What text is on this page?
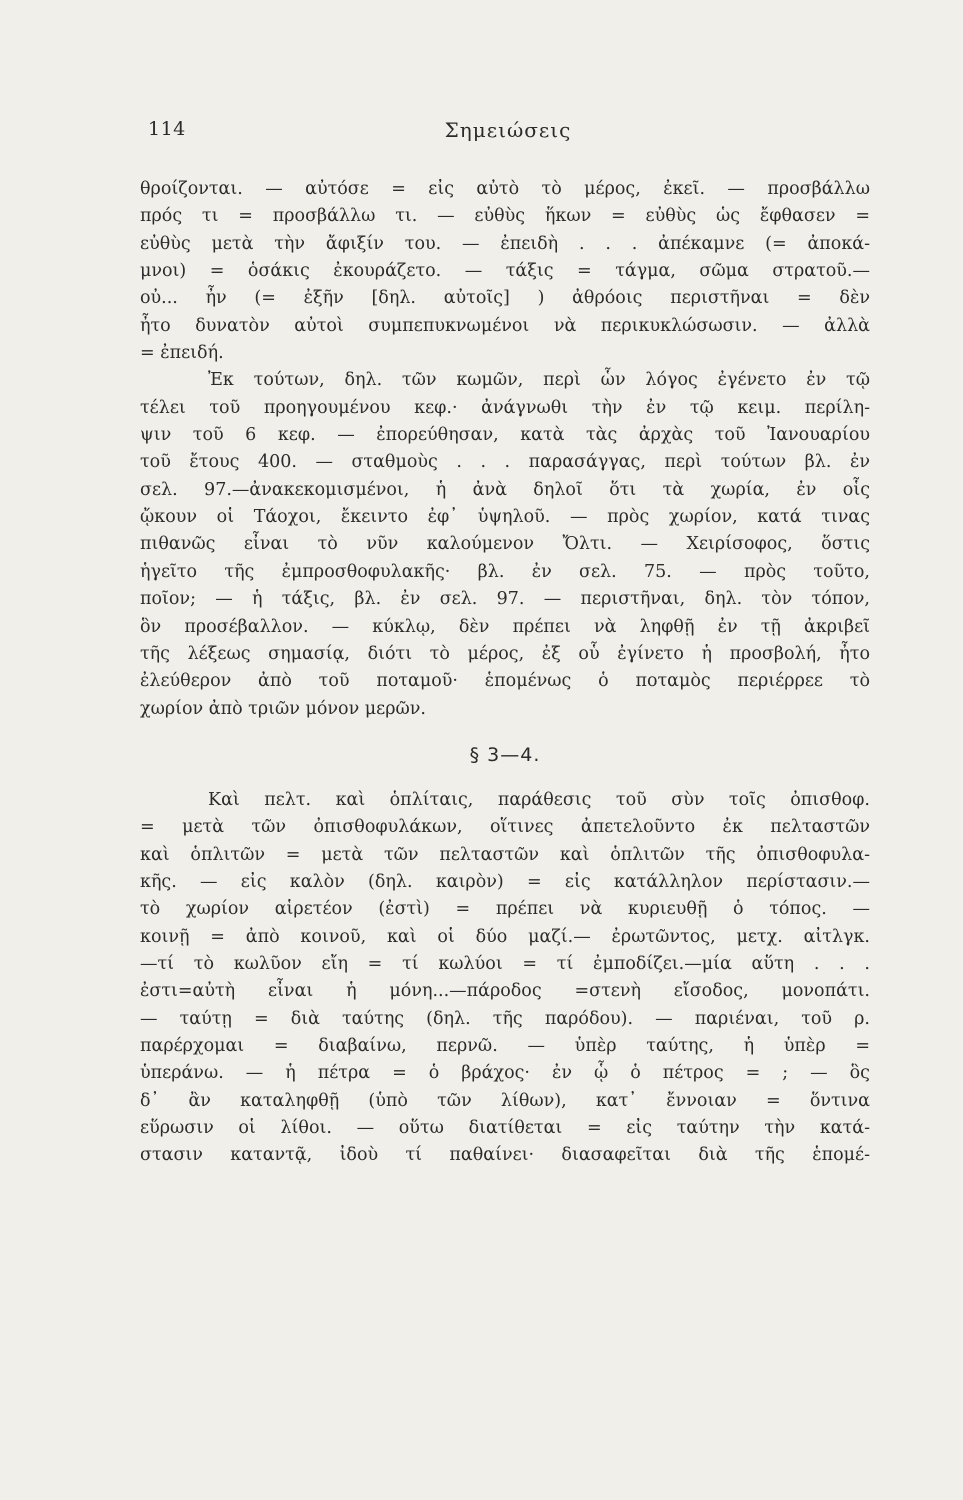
114	Σημειώσεις
θροίζονται. — αὐτόσε = εἰς αὐτὸ τὸ μέρος, ἐκεῖ. — προσβάλλω
πρός τι = προσβάλλω τι. — εὐθὺς ἥκων = εὐθὺς ὡς ἔφθασεν =
εὐθὺς μετὰ τὴν ἄφιξίν του. — ἐπειδὴ . . . ἀπέκαμνε (= ἀποκά-
μνοι) = ὁσάκις ἐκουράζετο. — τάξις = τάγμα, σῶμα στρατοῦ.—
οὐ... ἦν (= ἐξῆν [δηλ. αὐτοῖς] ) ἀθρόοις περιστῆναι = δὲν
ἦτο δυνατὸν αὐτοὶ συμπεπυκνωμένοι νὰ περικυκλώσωσιν. — ἀλλὰ
= ἐπειδή.
Ἐκ τούτων, δηλ. τῶν κωμῶν, περὶ ὧν λόγος ἐγένετο ἐν τῷ
τέλει τοῦ προηγουμένου κεφ.· ἀνάγνωθι τὴν ἐν τῷ κειμ. περίλη-
ψιν τοῦ 6 κεφ. — ἐπορεύθησαν, κατὰ τὰς ἀρχὰς τοῦ Ἰανουαρίου
τοῦ ἔτους 400. — σταθμοὺς . . . παρασάγγας, περὶ τούτων βλ. ἐν
σελ. 97.—ἀνακεκομισμένοι, ἡ ἀνὰ δηλοῖ ὅτι τὰ χωρία, ἐν οἷς
ᾤκουν οἱ Τάοχοι, ἔκειντο ἐφ᾽ ὑψηλοῦ. — πρὸς χωρίον, κατά τινας
πιθανῶς εἶναι τὸ νῦν καλούμενον Ὄλτι. — Χειρίσοφος, ὅστις
ἡγεῖτο τῆς ἐμπροσθοφυλακῆς· βλ. ἐν σελ. 75. — πρὸς τοῦτο,
ποῖον; — ἡ τάξις, βλ. ἐν σελ. 97. — περιστῆναι, δηλ. τὸν τόπον,
ὃν προσέβαλλον. — κύκλῳ, δὲν πρέπει νὰ ληφθῇ ἐν τῇ ἀκριβεῖ
τῆς λέξεως σημασίᾳ, διότι τὸ μέρος, ἐξ οὗ ἐγίνετο ἡ προσβολή, ἦτο
ἐλεύθερον ἀπὸ τοῦ ποταμοῦ· ἑπομένως ὁ ποταμὸς περιέρρεε τὸ
χωρίον ἀπὸ τριῶν μόνον μερῶν.
§ 3—4.
Καὶ πελτ. καὶ ὁπλίταις, παράθεσις τοῦ σὺν τοῖς ὀπισθοφ.
= μετὰ τῶν ὀπισθοφυλάκων, οἵτινες ἀπετελοῦντο ἐκ πελταστῶν
καὶ ὁπλιτῶν = μετὰ τῶν πελταστῶν καὶ ὁπλιτῶν τῆς ὀπισθοφυλα-
κῆς. — εἰς καλὸν (δηλ. καιρὸν) = εἰς κατάλληλον περίστασιν.—
τὸ χωρίον αἱρετέον (ἐστὶ) = πρέπει νὰ κυριευθῇ ὁ τόπος. —
κοινῇ = ἀπὸ κοινοῦ, καὶ οἱ δύο μαζί.— ἐρωτῶντος, μετχ. αἰτλγκ.
—τί τὸ κωλῦον εἴη = τί κωλύοι = τί ἐμποδίζει.—μία αὕτη . . .
ἐστι=αὐτὴ εἶναι ἡ μόνη...—πάροδος =στενὴ εἴσοδος, μονοπάτι.
— ταύτῃ = διὰ ταύτης (δηλ. τῆς παρόδου). — παριέναι, τοῦ ρ.
παρέρχομαι = διαβαίνω, περνῶ. — ὑπὲρ ταύτης, ἡ ὑπὲρ =
ὑπεράνω. — ἡ πέτρα = ὁ βράχος· ἐν ᾧ ὁ πέτρος = ; — ὃς
δ᾽ ἂν καταληφθῇ (ὑπὸ τῶν λίθων), κατ᾽ ἔννοιαν = ὅντινα
εὕρωσιν οἱ λίθοι. — οὕτω διατίθεται = εἰς ταύτην τὴν κατά-
στασιν καταντᾷ, ἰδοὺ τί παθαίνει· διασαφεῖται διὰ τῆς ἑπομέ-
